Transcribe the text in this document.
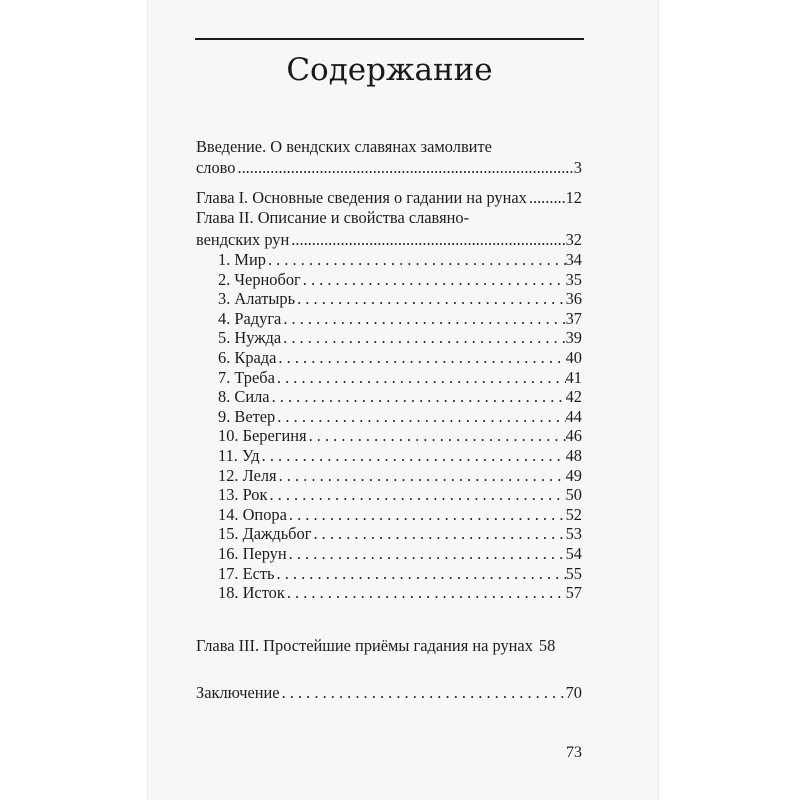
Содержание
Введение. О вендских славянах замолвите
слово .....	3
Глава I. Основные сведения о гадании на рунах ..... 12
Глава II. Описание и свойства славяно-
вендских рун .....	32
1. Мир . . .	34
2. Чернобог . . .	35
3. Алатырь . . .	36
4. Радуга . . .	37
5. Нужда . . .	39
6. Крада . . .	40
7. Треба . . .	41
8. Сила . . .	42
9. Ветер . . .	44
10. Берегиня . . .	46
11. Уд . . .	48
12. Леля . . .	49
13. Рок . . .	50
14. Опора . . .	52
15. Даждьбог . . .	53
16. Перун . . .	54
17. Есть . . .	55
18. Исток . . .	57
Глава III. Простейшие приёмы гадания на рунах 58
Заключение . . .	70
73
